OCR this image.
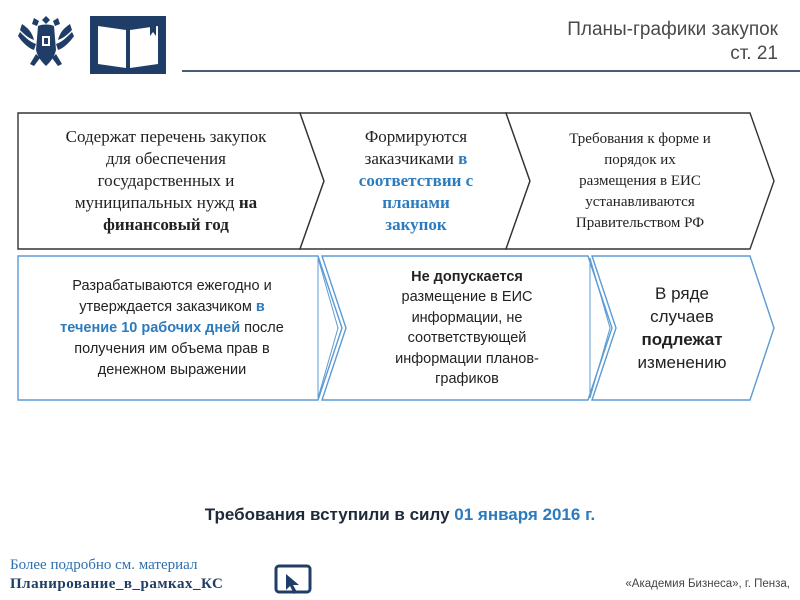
Планы-графики закупок
ст. 21
Содержат перечень закупок
для обеспечения
государственных и
муниципальных нужд на
финансовый год
Формируются
заказчиками в
соответствии с
планами
закупок
Требования к форме и
порядок их
размещения в ЕИС
устанавливаются
Правительством РФ
Разрабатываются ежегодно и
утверждается заказчиком в
течение 10 рабочих дней после
получения им объема прав в
денежном выражении
Не допускается
размещение в ЕИС
информации, не
соответствующей
информации планов-
графиков
В ряде
случаев
подлежат
изменению
Требования вступили в силу 01 января 2016 г.
Более подробно см. материал
Планирование_в_рамках_КС	«Академия Бизнеса», г. Пенза,
